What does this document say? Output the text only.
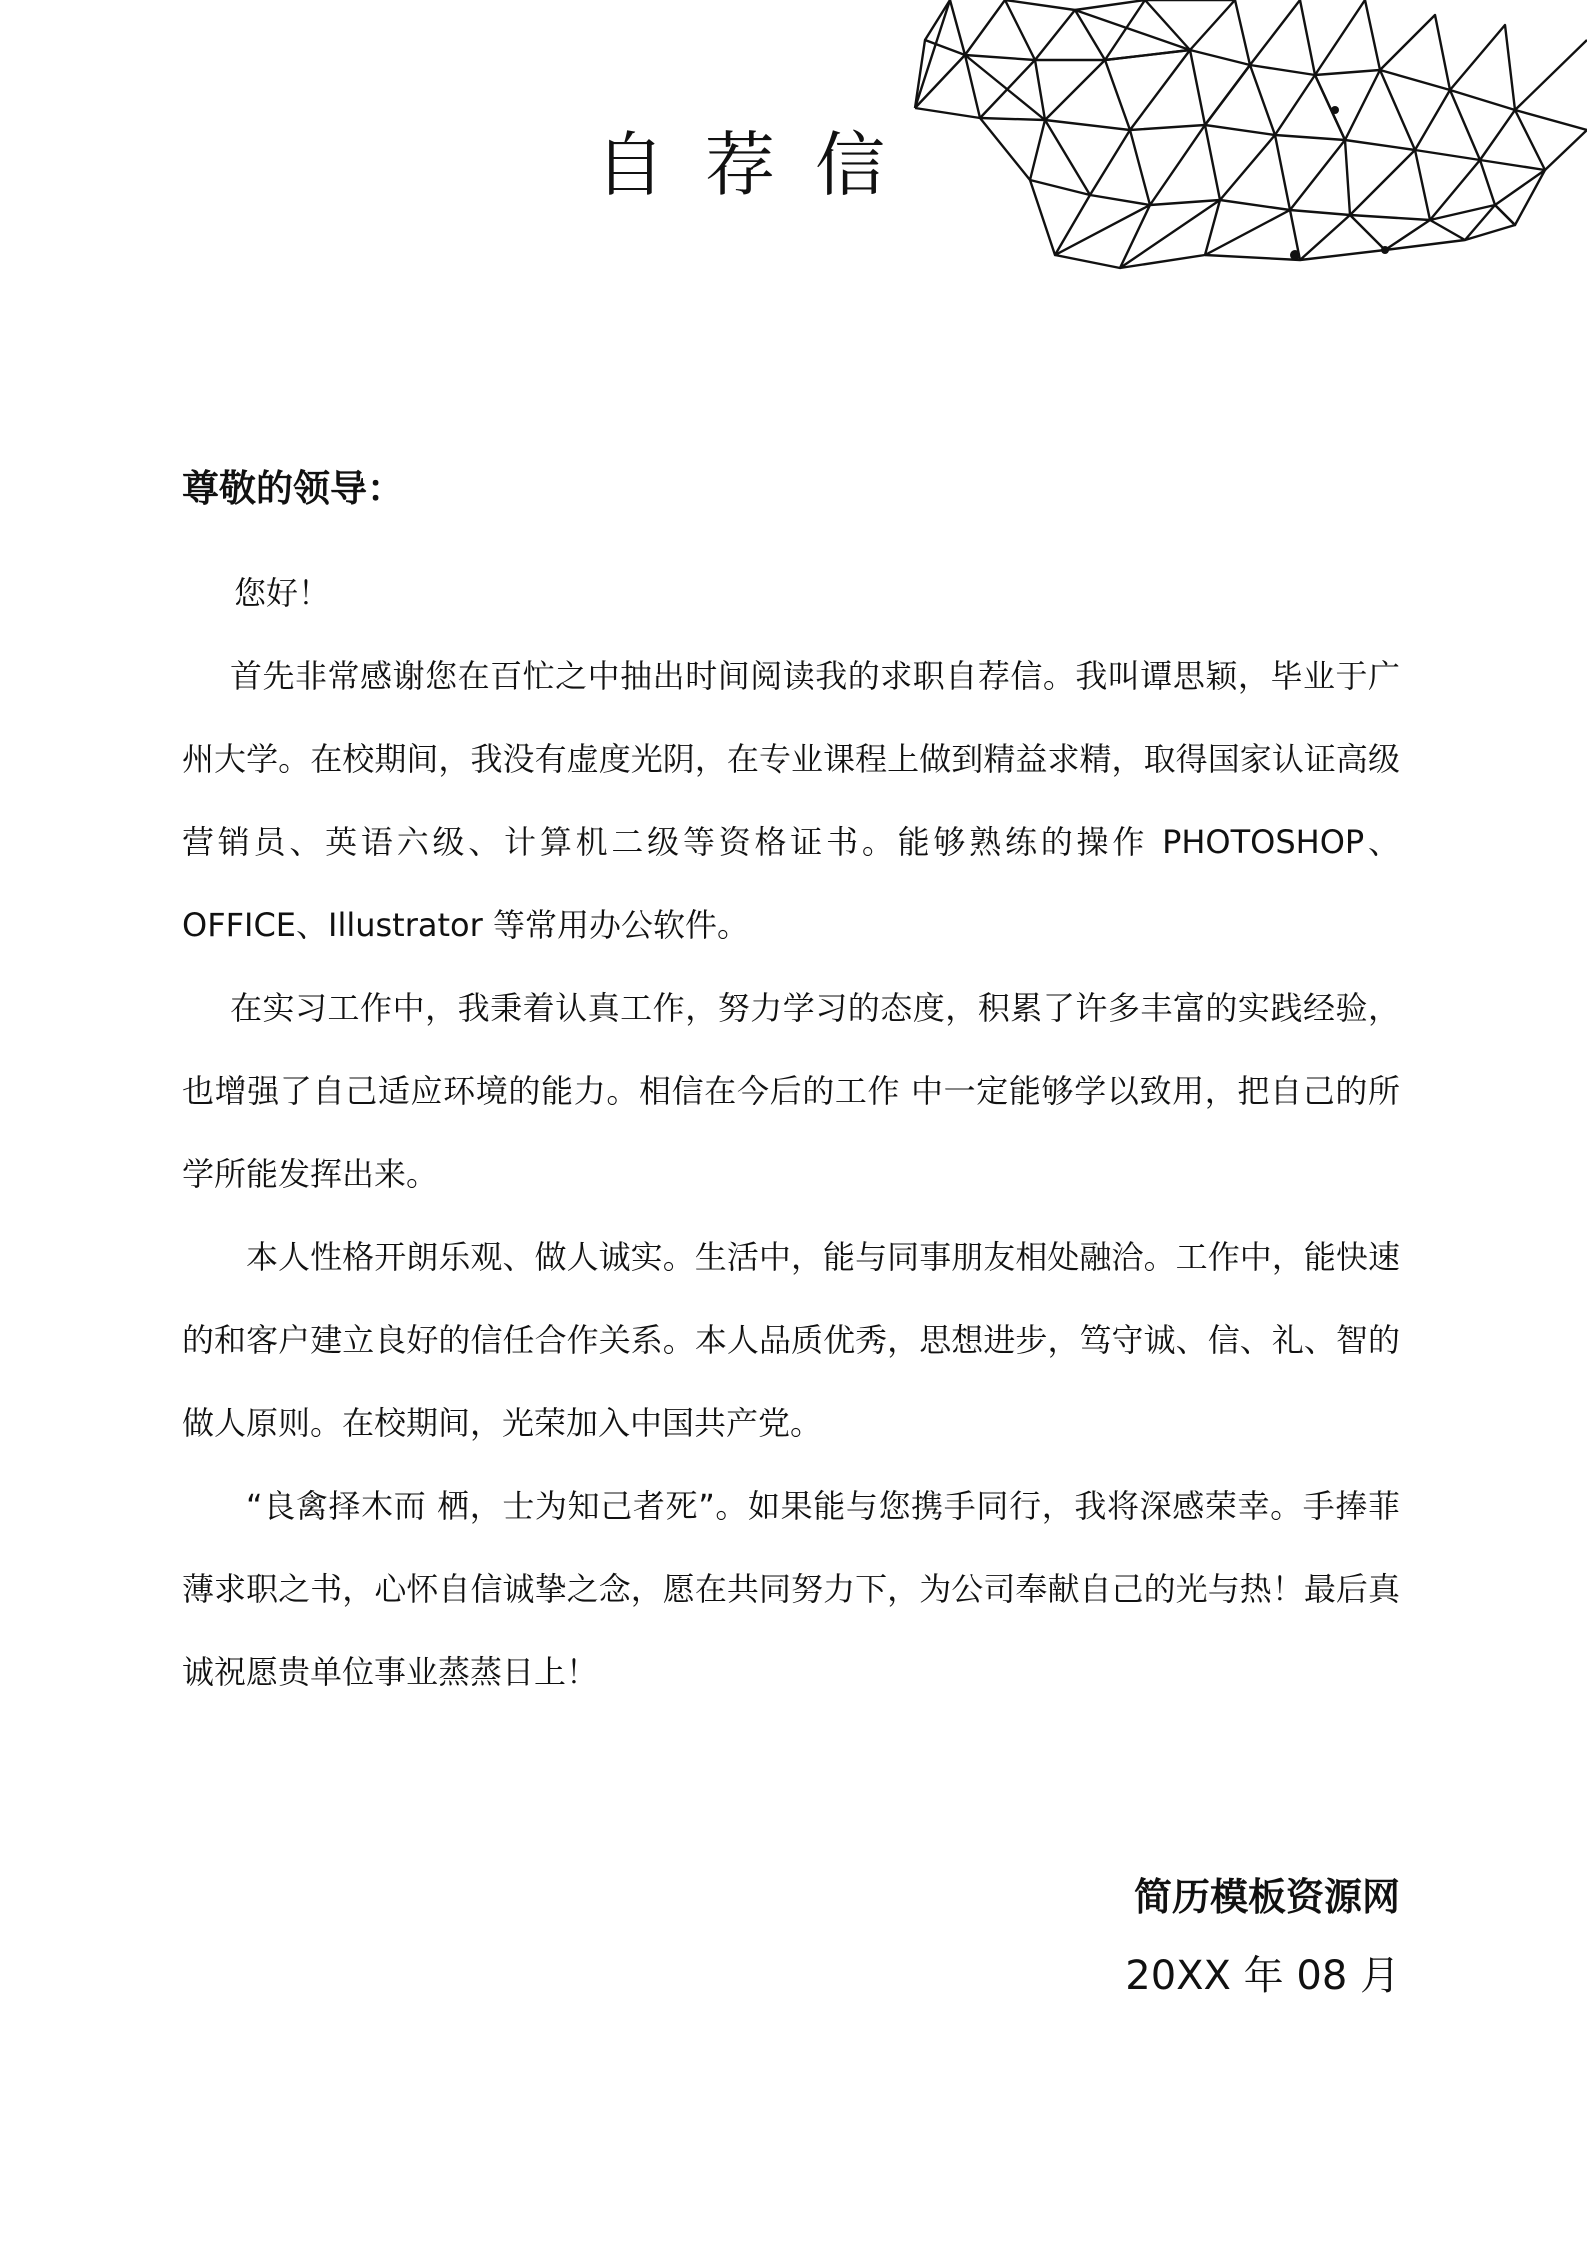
自荐信
尊敬的领导：

您好！

首先非常感谢您在百忙之中抽出时间阅读我的求职自荐信。我叫谭思颖，毕业于广州大学。在校期间，我没有虚度光阴，在专业课程上做到精益求精，取得国家认证高级营销员、英语六级、计算机二级等资格证书。能够熟练的操作 PHOTOSHOP、OFFICE、Illustrator 等常用办公软件。

在实习工作中，我秉着认真工作，努力学习的态度，积累了许多丰富的实践经验，也增强了自己适应环境的能力。相信在今后的工作 中一定能够学以致用，把自己的所学所能发挥出来。

本人性格开朗乐观、做人诚实。生活中，能与同事朋友相处融洽。工作中，能快速的和客户建立良好的信任合作关系。本人品质优秀，思想进步，笃守诚、信、礼、智的做人原则。在校期间，光荣加入中国共产党。

“良禽择木而 栖，士为知己者死”。如果能与您携手同行，我将深感荣幸。手捧菲薄求职之书，心怀自信诚挚之念，愿在共同努力下，为公司奉献自己的光与热！最后真诚祝愿贵单位事业蒸蒸日上！

简历模板资源网
20XX 年 08 月
